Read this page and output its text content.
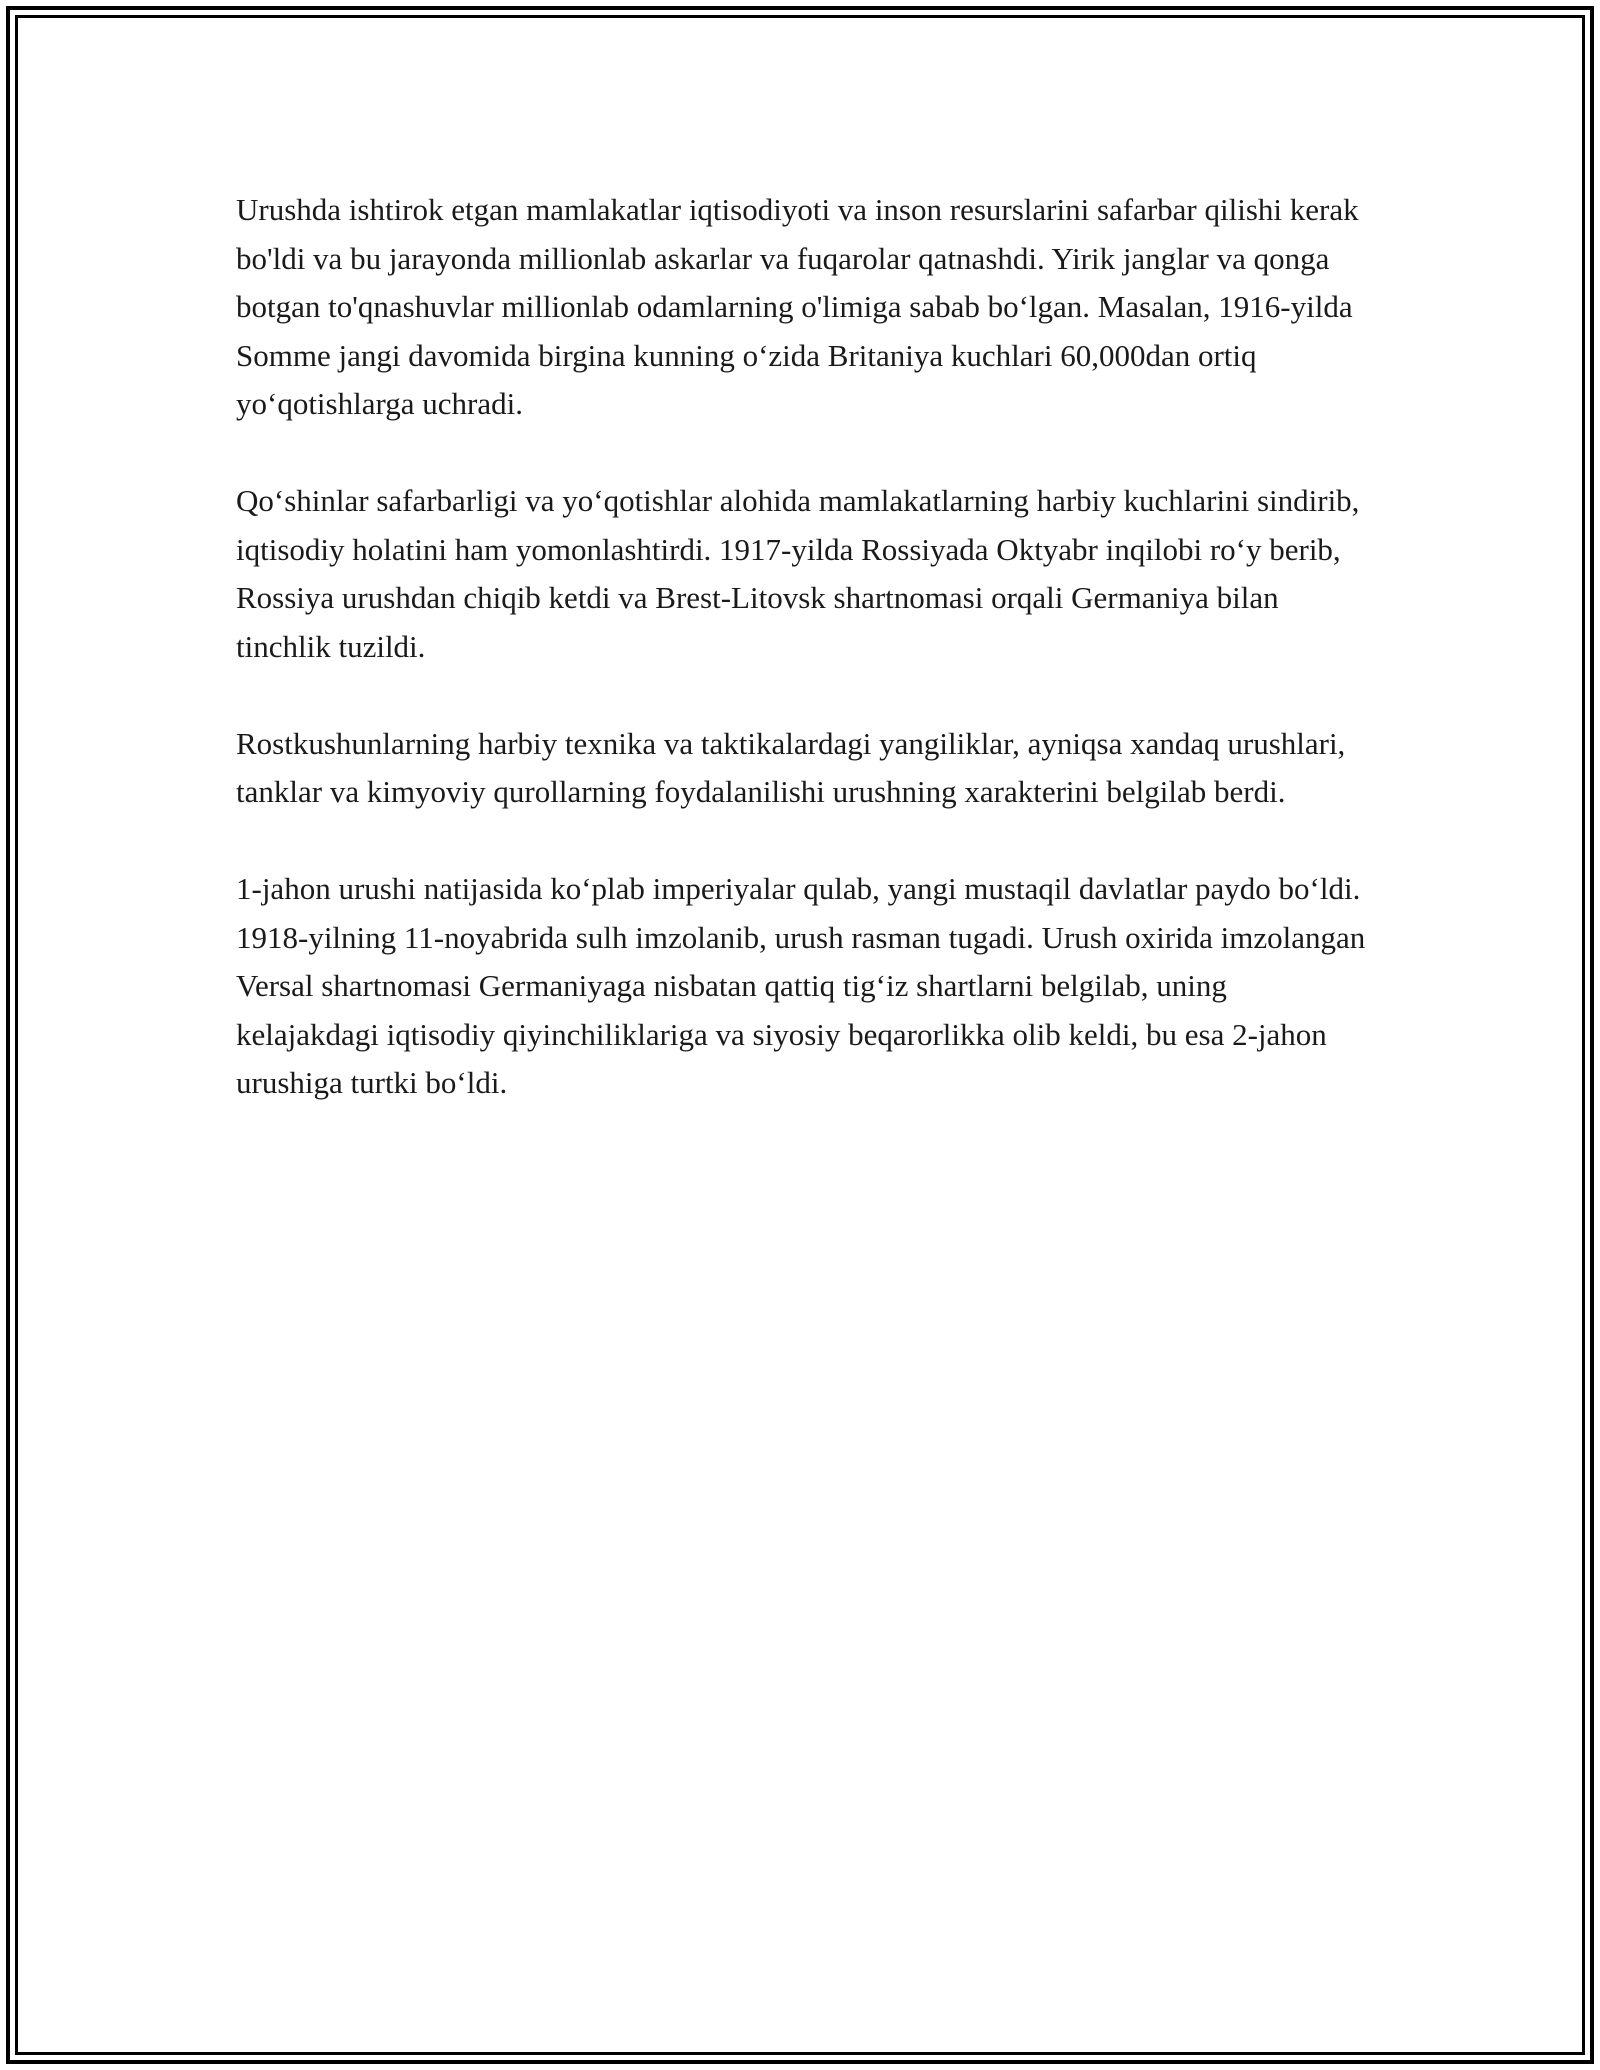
Urushda ishtirok etgan mamlakatlar iqtisodiyoti va inson resurslarini safarbar qilishi kerak bo'ldi va bu jarayonda millionlab askarlar va fuqarolar qatnashdi. Yirik janglar va qonga botgan to'qnashuvlar millionlab odamlarning o'limiga sabab bo‘lgan. Masalan, 1916-yilda Somme jangi davomida birgina kunning o‘zida Britaniya kuchlari 60,000dan ortiq yo‘qotishlarga uchradi.

Qo‘shinlar safarbarligi va yo‘qotishlar alohida mamlakatlarning harbiy kuchlarini sindirib, iqtisodiy holatini ham yomonlashtirdi. 1917-yilda Rossiyada Oktyabr inqilobi ro‘y berib, Rossiya urushdan chiqib ketdi va Brest-Litovsk shartnomasi orqali Germaniya bilan tinchlik tuzildi.

Rostkushunlarning harbiy texnika va taktikalardagi yangiliklar, ayniqsa xandaq urushlari, tanklar va kimyoviy qurollarning foydalanilishi urushning xarakterini belgilab berdi.

1-jahon urushi natijasida ko‘plab imperiyalar qulab, yangi mustaqil davlatlar paydo bo‘ldi. 1918-yilning 11-noyabrida sulh imzolanib, urush rasman tugadi. Urush oxirida imzolangan Versal shartnomasi Germaniyaga nisbatan qattiq tig‘iz shartlarni belgilab, uning kelajakdagi iqtisodiy qiyinchiliklariga va siyosiy beqarorlikka olib keldi, bu esa 2-jahon urushiga turtki bo‘ldi.
